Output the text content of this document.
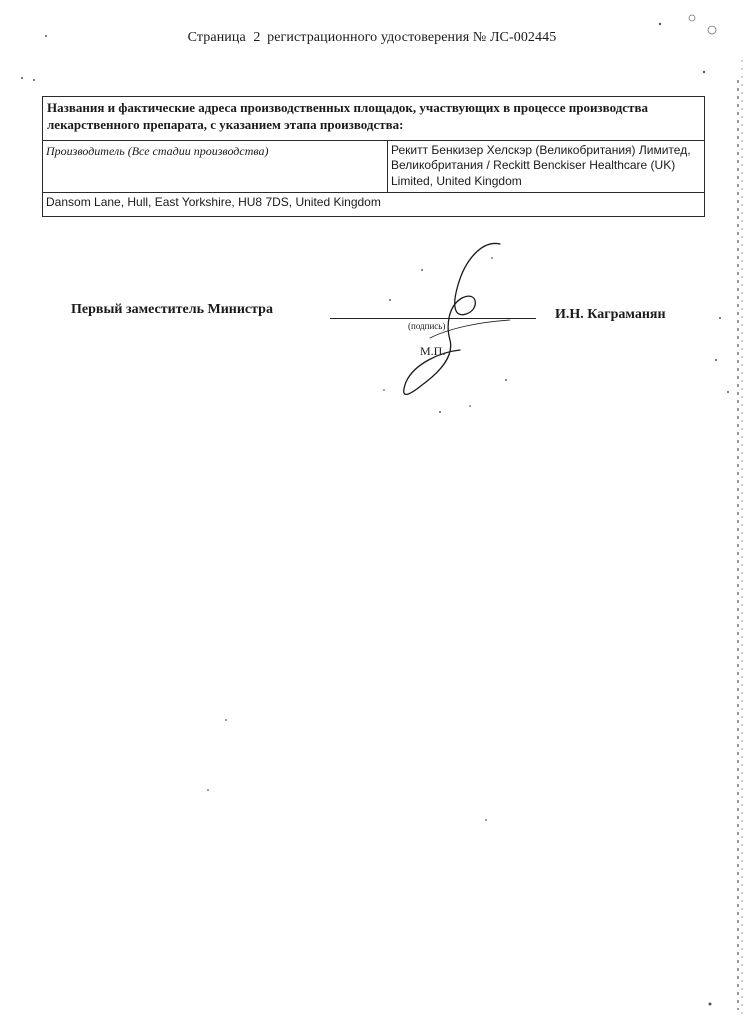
Страница 2 регистрационного удостоверения № ЛС-002445
Названия и фактические адреса производственных площадок, участвующих в процессе производства лекарственного препарата, с указанием этапа производства:
Производитель (Все стадии производства)	Рекитт Бенкизер Хелскэр (Великобритания) Лимитед, Великобритания / Reckitt Benckiser Healthcare (UK) Limited, United Kingdom
Dansom Lane, Hull, East Yorkshire, HU8 7DS, United Kingdom
Первый заместитель Министра
(подпись)
М.П.
И.Н. Каграманян
